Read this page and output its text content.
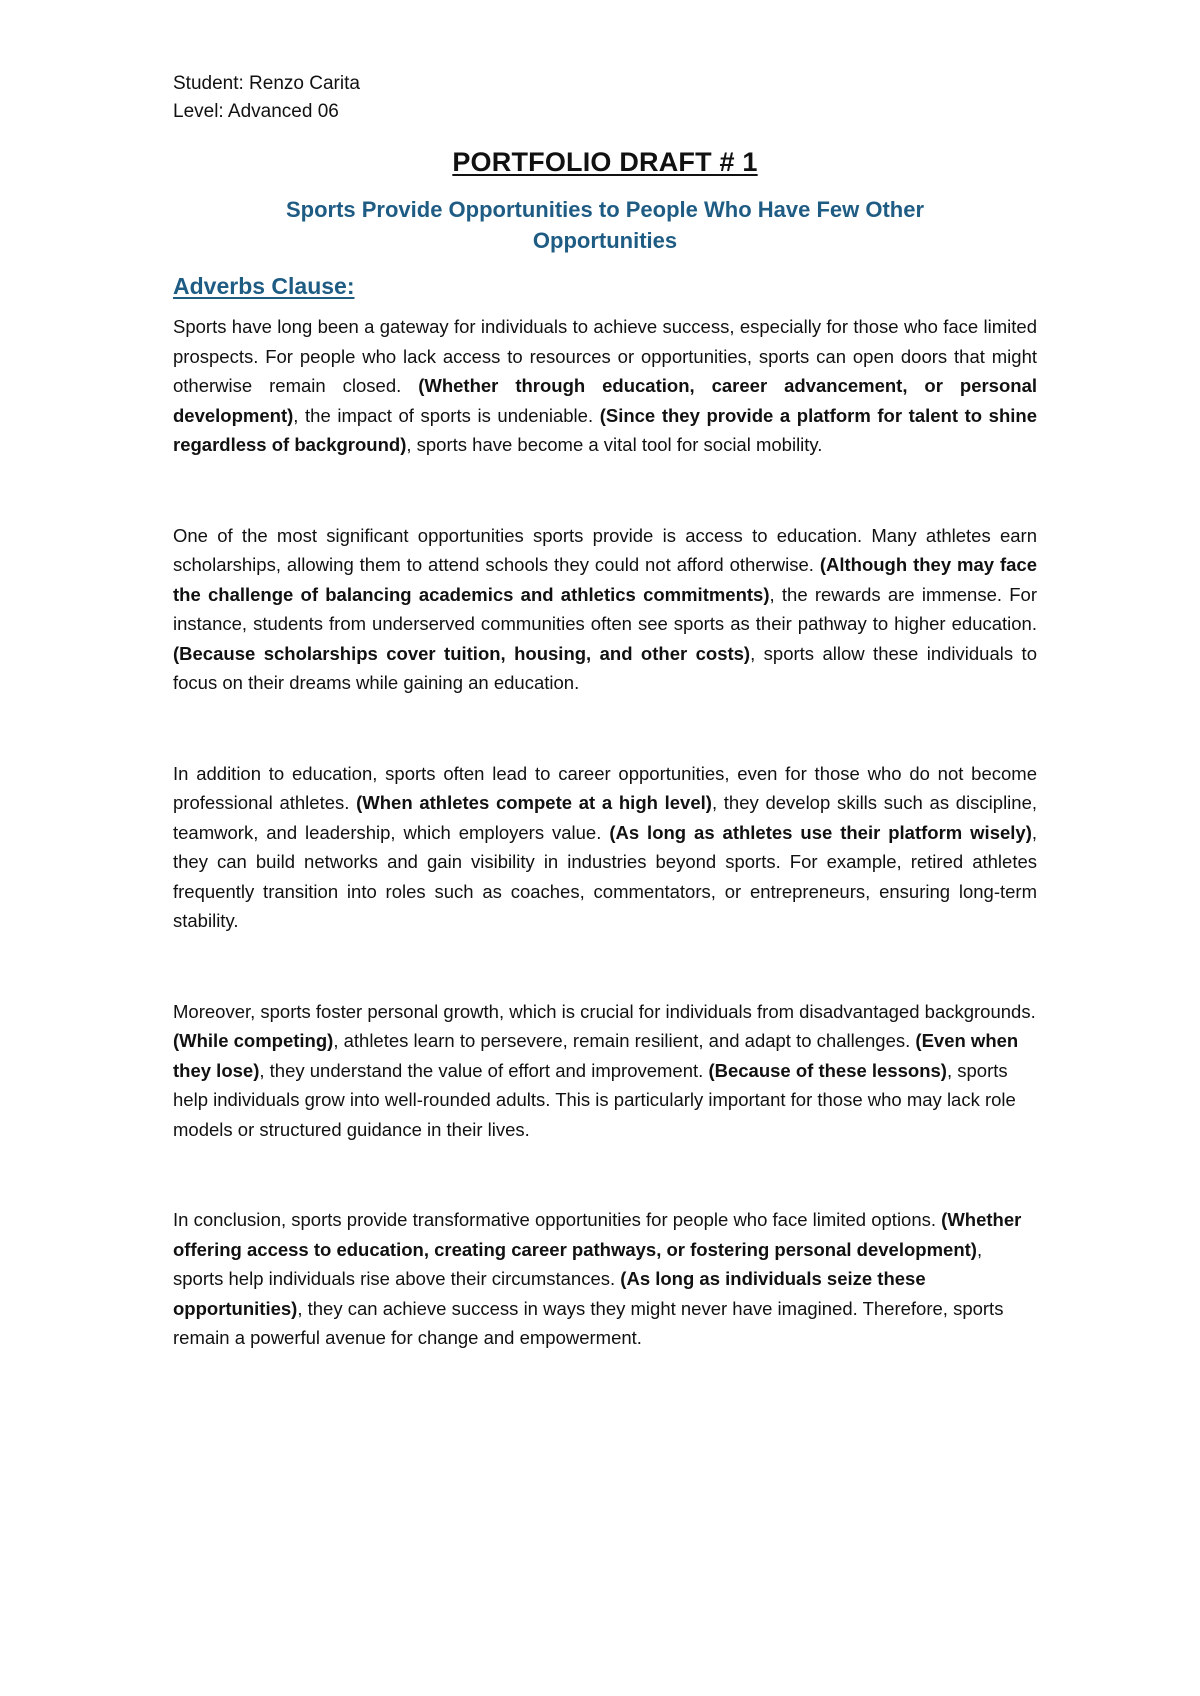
Student: Renzo Carita

Level: Advanced 06

PORTFOLIO DRAFT # 1
Sports Provide Opportunities to People Who Have Few Other Opportunities
Adverbs Clause:

Sports have long been a gateway for individuals to achieve success, especially for those who face limited prospects. For people who lack access to resources or opportunities, sports can open doors that might otherwise remain closed. (Whether through education, career advancement, or personal development), the impact of sports is undeniable. (Since they provide a platform for talent to shine regardless of background), sports have become a vital tool for social mobility.

One of the most significant opportunities sports provide is access to education. Many athletes earn scholarships, allowing them to attend schools they could not afford otherwise. (Although they may face the challenge of balancing academics and athletics commitments), the rewards are immense. For instance, students from underserved communities often see sports as their pathway to higher education. (Because scholarships cover tuition, housing, and other costs), sports allow these individuals to focus on their dreams while gaining an education.

In addition to education, sports often lead to career opportunities, even for those who do not become professional athletes. (When athletes compete at a high level), they develop skills such as discipline, teamwork, and leadership, which employers value. (As long as athletes use their platform wisely), they can build networks and gain visibility in industries beyond sports. For example, retired athletes frequently transition into roles such as coaches, commentators, or entrepreneurs, ensuring long-term stability.

Moreover, sports foster personal growth, which is crucial for individuals from disadvantaged backgrounds. (While competing), athletes learn to persevere, remain resilient, and adapt to challenges. (Even when they lose), they understand the value of effort and improvement. (Because of these lessons), sports help individuals grow into well-rounded adults. This is particularly important for those who may lack role models or structured guidance in their lives.

In conclusion, sports provide transformative opportunities for people who face limited options. (Whether offering access to education, creating career pathways, or fostering personal development), sports help individuals rise above their circumstances. (As long as individuals seize these opportunities), they can achieve success in ways they might never have imagined. Therefore, sports remain a powerful avenue for change and empowerment.
